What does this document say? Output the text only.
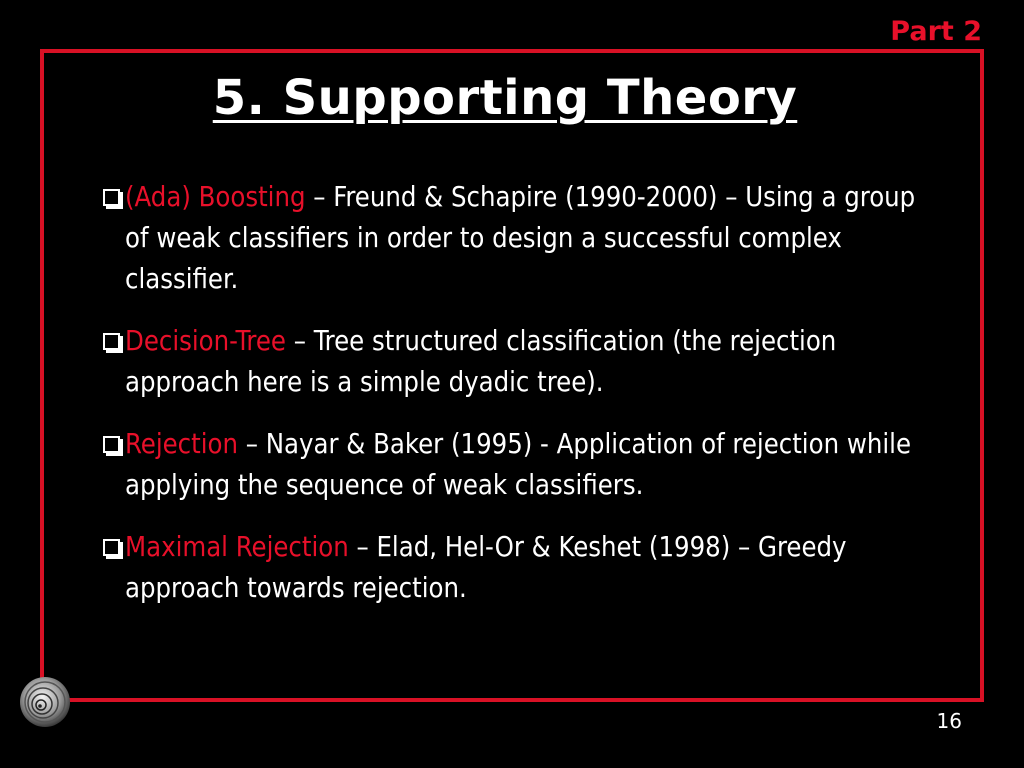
Part 2
5. Supporting Theory
(Ada) Boosting – Freund & Schapire (1990-2000) – Using a group of weak classifiers in order to design a successful complex classifier.
Decision-Tree – Tree structured classification (the rejection approach here is a simple dyadic tree).
Rejection – Nayar & Baker (1995) - Application of rejection while applying the sequence of weak classifiers.
Maximal Rejection – Elad, Hel-Or & Keshet (1998) – Greedy approach towards rejection.
16
